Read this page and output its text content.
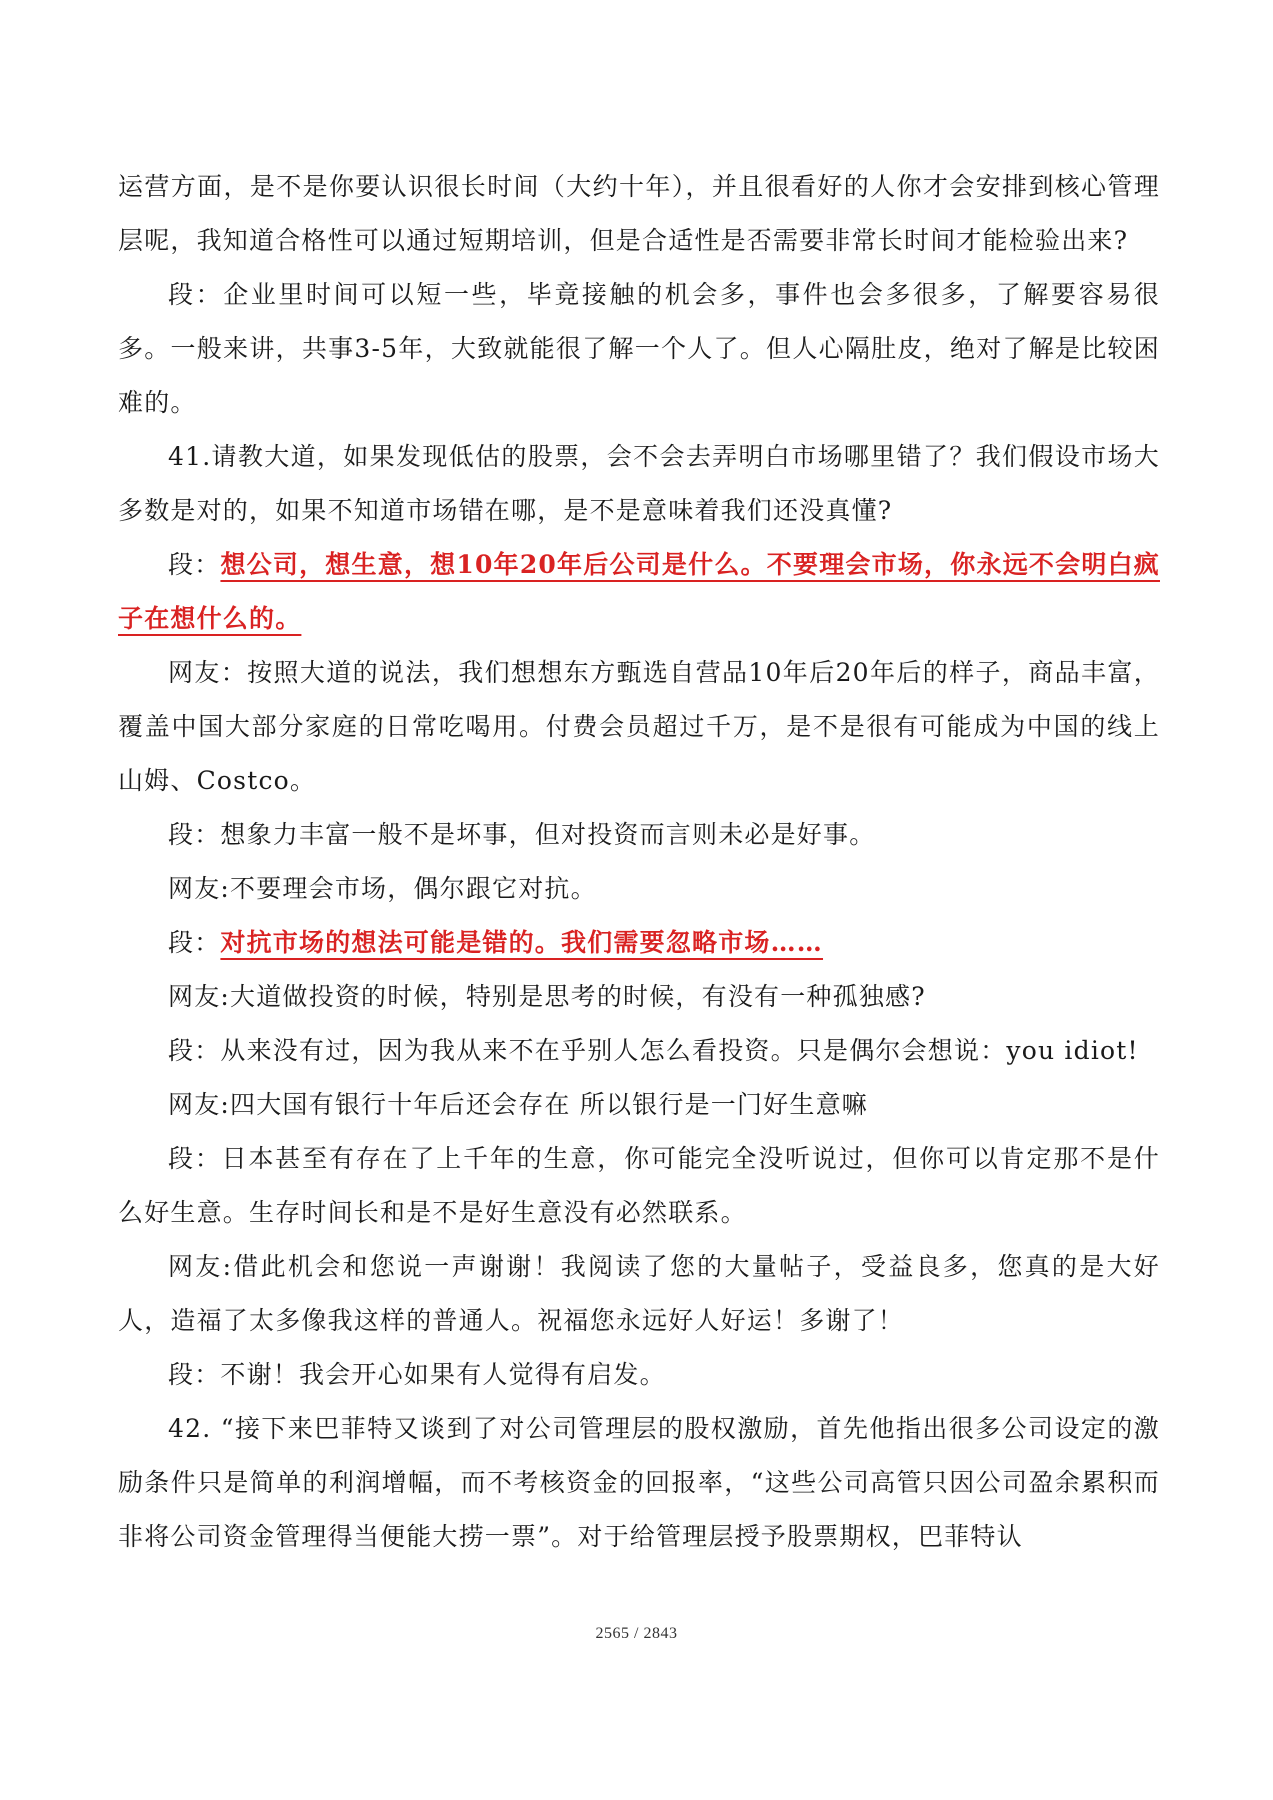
运营方面，是不是你要认识很长时间（大约十年），并且很看好的人你才会安排到核心管理层呢，我知道合格性可以通过短期培训，但是合适性是否需要非常长时间才能检验出来?

段：企业里时间可以短一些，毕竟接触的机会多，事件也会多很多，了解要容易很多。一般来讲，共事3-5年，大致就能很了解一个人了。但人心隔肚皮，绝对了解是比较困难的。

41.请教大道，如果发现低估的股票，会不会去弄明白市场哪里错了？我们假设市场大多数是对的，如果不知道市场错在哪，是不是意味着我们还没真懂?

段：想公司，想生意，想10年20年后公司是什么。不要理会市场，你永远不会明白疯子在想什么的。

网友：按照大道的说法，我们想想东方甄选自营品10年后20年后的样子，商品丰富，覆盖中国大部分家庭的日常吃喝用。付费会员超过千万，是不是很有可能成为中国的线上山姆、Costco。

段：想象力丰富一般不是坏事，但对投资而言则未必是好事。

网友:不要理会市场，偶尔跟它对抗。

段：对抗市场的想法可能是错的。我们需要忽略市场……

网友:大道做投资的时候，特别是思考的时候，有没有一种孤独感?

段：从来没有过，因为我从来不在乎别人怎么看投资。只是偶尔会想说：you idiot!

网友:四大国有银行十年后还会存在 所以银行是一门好生意嘛

段：日本甚至有存在了上千年的生意，你可能完全没听说过，但你可以肯定那不是什么好生意。生存时间长和是不是好生意没有必然联系。

网友:借此机会和您说一声谢谢！我阅读了您的大量帖子，受益良多，您真的是大好人，造福了太多像我这样的普通人。祝福您永远好人好运！多谢了！

段：不谢！我会开心如果有人觉得有启发。

42. “接下来巴菲特又谈到了对公司管理层的股权激励，首先他指出很多公司设定的激励条件只是简单的利润增幅，而不考核资金的回报率，“这些公司高管只因公司盈余累积而非将公司资金管理得当便能大捞一票”。对于给管理层授予股票期权，巴菲特认

2565 / 2843
